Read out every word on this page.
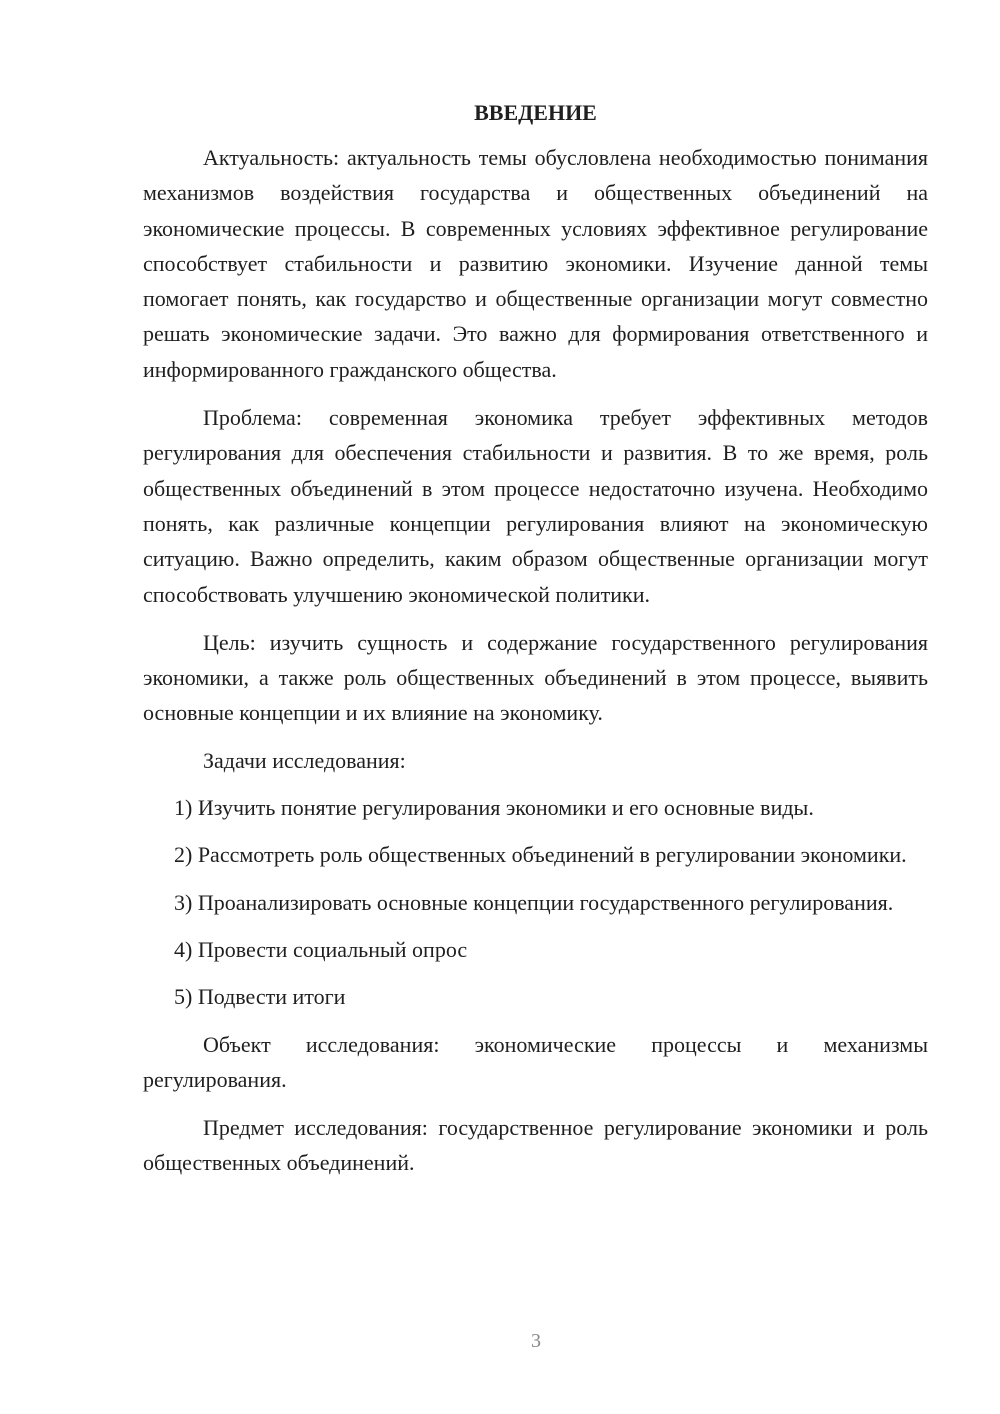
ВВЕДЕНИЕ

Актуальность: актуальность темы обусловлена необходимостью понимания механизмов воздействия государства и общественных объединений на экономические процессы. В современных условиях эффективное регулирование способствует стабильности и развитию экономики. Изучение данной темы помогает понять, как государство и общественные организации могут совместно решать экономические задачи. Это важно для формирования ответственного и информированного гражданского общества.

Проблема: современная экономика требует эффективных методов регулирования для обеспечения стабильности и развития. В то же время, роль общественных объединений в этом процессе недостаточно изучена. Необходимо понять, как различные концепции регулирования влияют на экономическую ситуацию. Важно определить, каким образом общественные организации могут способствовать улучшению экономической политики.

Цель: изучить сущность и содержание государственного регулирования экономики, а также роль общественных объединений в этом процессе, выявить основные концепции и их влияние на экономику.

Задачи исследования:

1) Изучить понятие регулирования экономики и его основные виды.

2) Рассмотреть роль общественных объединений в регулировании экономики.

3) Проанализировать основные концепции государственного регулирования.

4) Провести социальный опрос

5) Подвести итоги

Объект исследования: экономические процессы и механизмы регулирования.

Предмет исследования: государственное регулирование экономики и роль общественных объединений.

3
